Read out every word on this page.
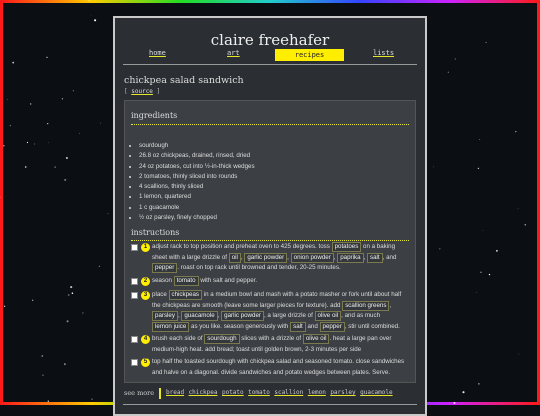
claire freehafer
home	art	recipes	lists
chickpea salad sandwich
[ source ]
ingredients
• sourdough
• 26.8 oz chickpeas, drained, rinsed, dried
• 24 oz potatoes, cut into ½-in-thick wedges
• 2 tomatoes, thinly sliced into rounds
• 4 scallions, thinly sliced
• 1 lemon, quartered
• 1 c guacamole
• ½ oz parsley, finely chopped
instructions
1 adjust rack to top position and preheat oven to 425 degrees. toss potatoes on a baking sheet with a large drizzle of oil , garlic powder , onion powder , paprika , salt , and pepper . roast on top rack until browned and tender, 20-25 minutes.
2 season tomato with salt and pepper.
3 place chickpeas in a medium bowl and mash with a potato masher or fork until about half the chickpeas are smooth (leave some larger pieces for texture). add scallion greens , parsley , guacamole , garlic powder , a large drizzle of olive oil , and as much lemon juice as you like. season generously with salt and pepper , stir until combined.
4 brush each side of sourdough slices with a drizzle of olive oil . heat a large pan over medium-high heat. add bread; toast until golden brown, 2-3 minutes per side
5 top half the toasted sourdough with chickpea salad and seasoned tomato. close sandwiches and halve on a diagonal. divide sandwiches and potato wedges between plates. Serve.
see more bread chickpea potato tomato scallion lemon parsley guacamole
